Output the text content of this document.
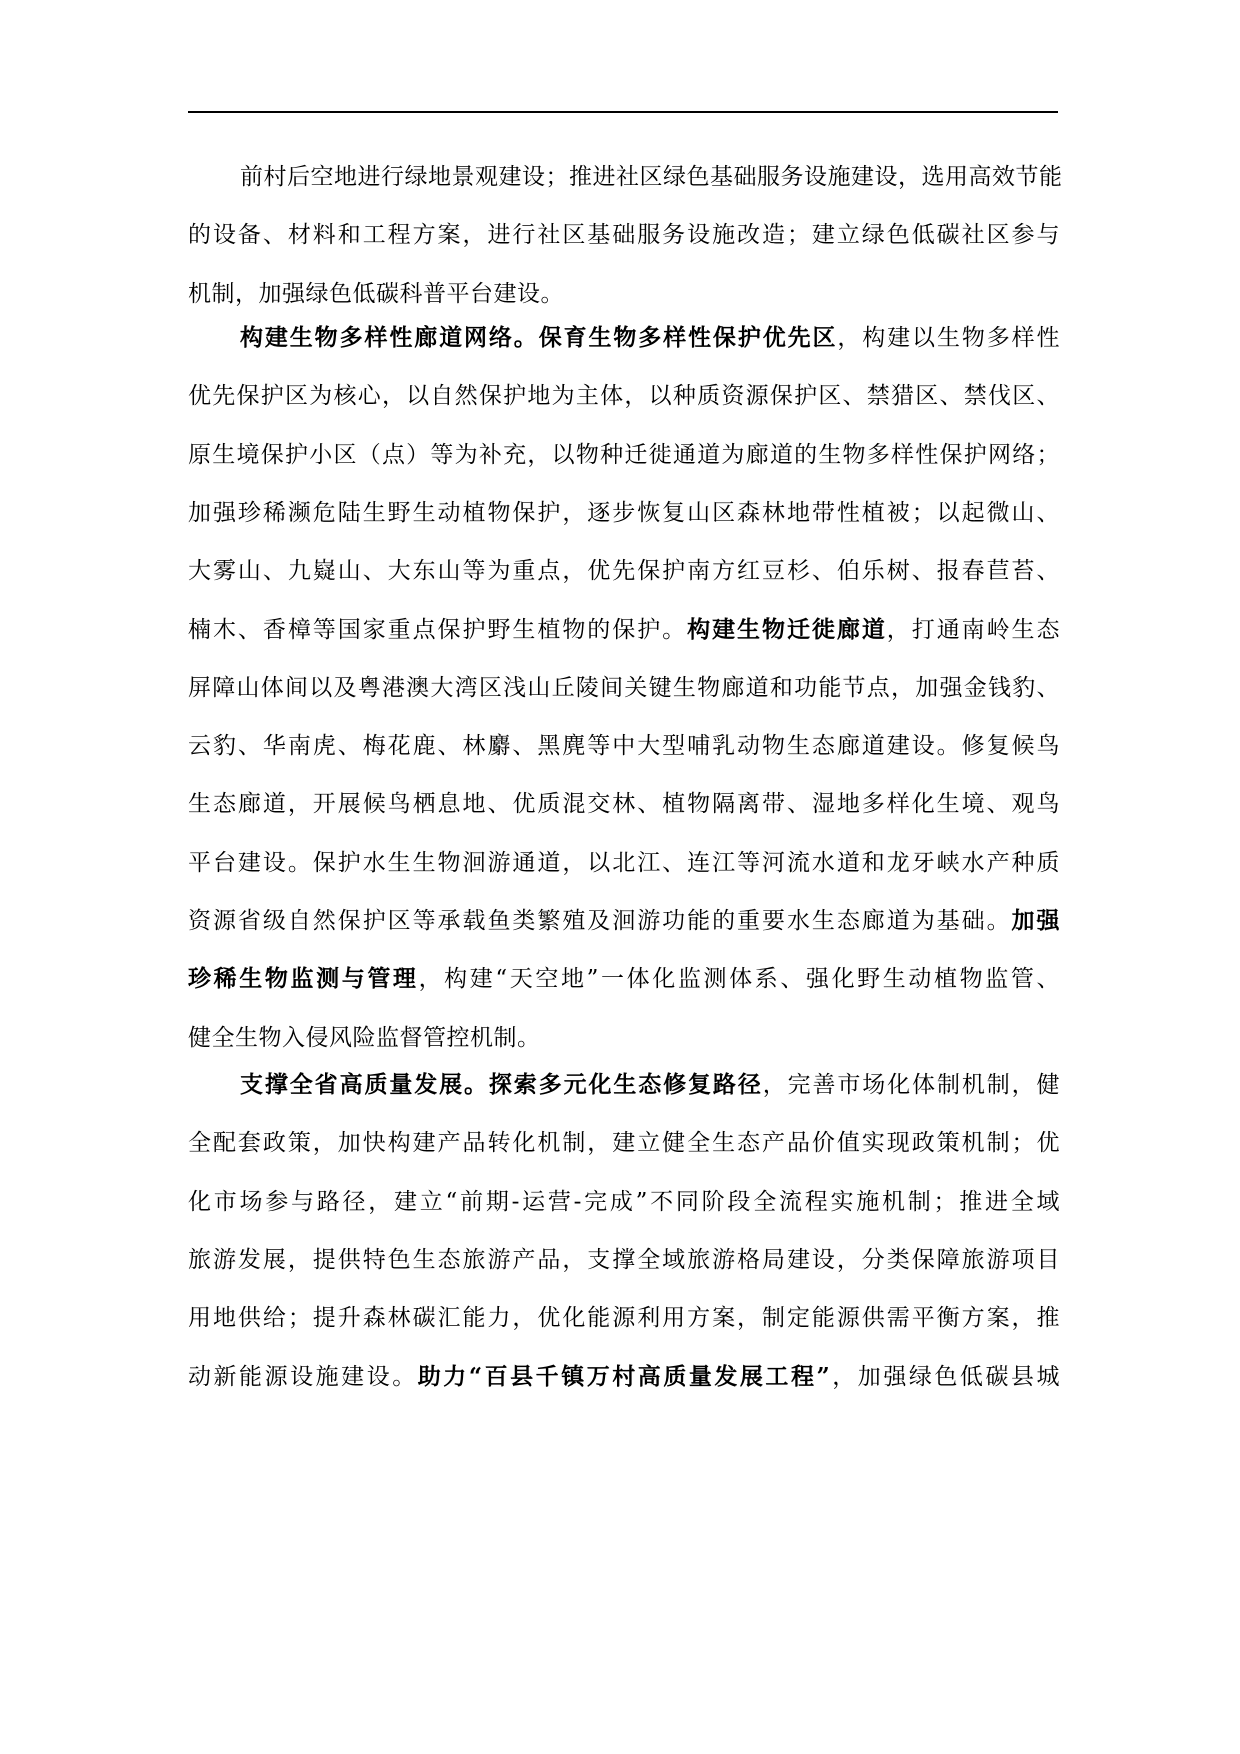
前村后空地进行绿地景观建设；推进社区绿色基础服务设施建设，选用高效节能
的设备、材料和工程方案，进行社区基础服务设施改造；建立绿色低碳社区参与
机制，加强绿色低碳科普平台建设。
构建生物多样性廊道网络。保育生物多样性保护优先区，构建以生物多样性
优先保护区为核心，以自然保护地为主体，以种质资源保护区、禁猎区、禁伐区、
原生境保护小区（点）等为补充，以物种迁徙通道为廊道的生物多样性保护网络；
加强珍稀濒危陆生野生动植物保护，逐步恢复山区森林地带性植被；以起微山、
大雾山、九嶷山、大东山等为重点，优先保护南方红豆杉、伯乐树、报春苣苔、
楠木、香樟等国家重点保护野生植物的保护。构建生物迁徙廊道，打通南岭生态
屏障山体间以及粤港澳大湾区浅山丘陵间关键生物廊道和功能节点，加强金钱豹、
云豹、华南虎、梅花鹿、林麝、黑麂等中大型哺乳动物生态廊道建设。修复候鸟
生态廊道，开展候鸟栖息地、优质混交林、植物隔离带、湿地多样化生境、观鸟
平台建设。保护水生生物洄游通道，以北江、连江等河流水道和龙牙峡水产种质
资源省级自然保护区等承载鱼类繁殖及洄游功能的重要水生态廊道为基础。加强
珍稀生物监测与管理，构建“天空地”一体化监测体系、强化野生动植物监管、
健全生物入侵风险监督管控机制。
支撑全省高质量发展。探索多元化生态修复路径，完善市场化体制机制，健
全配套政策，加快构建产品转化机制，建立健全生态产品价值实现政策机制；优
化市场参与路径，建立“前期-运营-完成”不同阶段全流程实施机制；推进全域
旅游发展，提供特色生态旅游产品，支撑全域旅游格局建设，分类保障旅游项目
用地供给；提升森林碳汇能力，优化能源利用方案，制定能源供需平衡方案，推
动新能源设施建设。助力“百县千镇万村高质量发展工程”，加强绿色低碳县城
